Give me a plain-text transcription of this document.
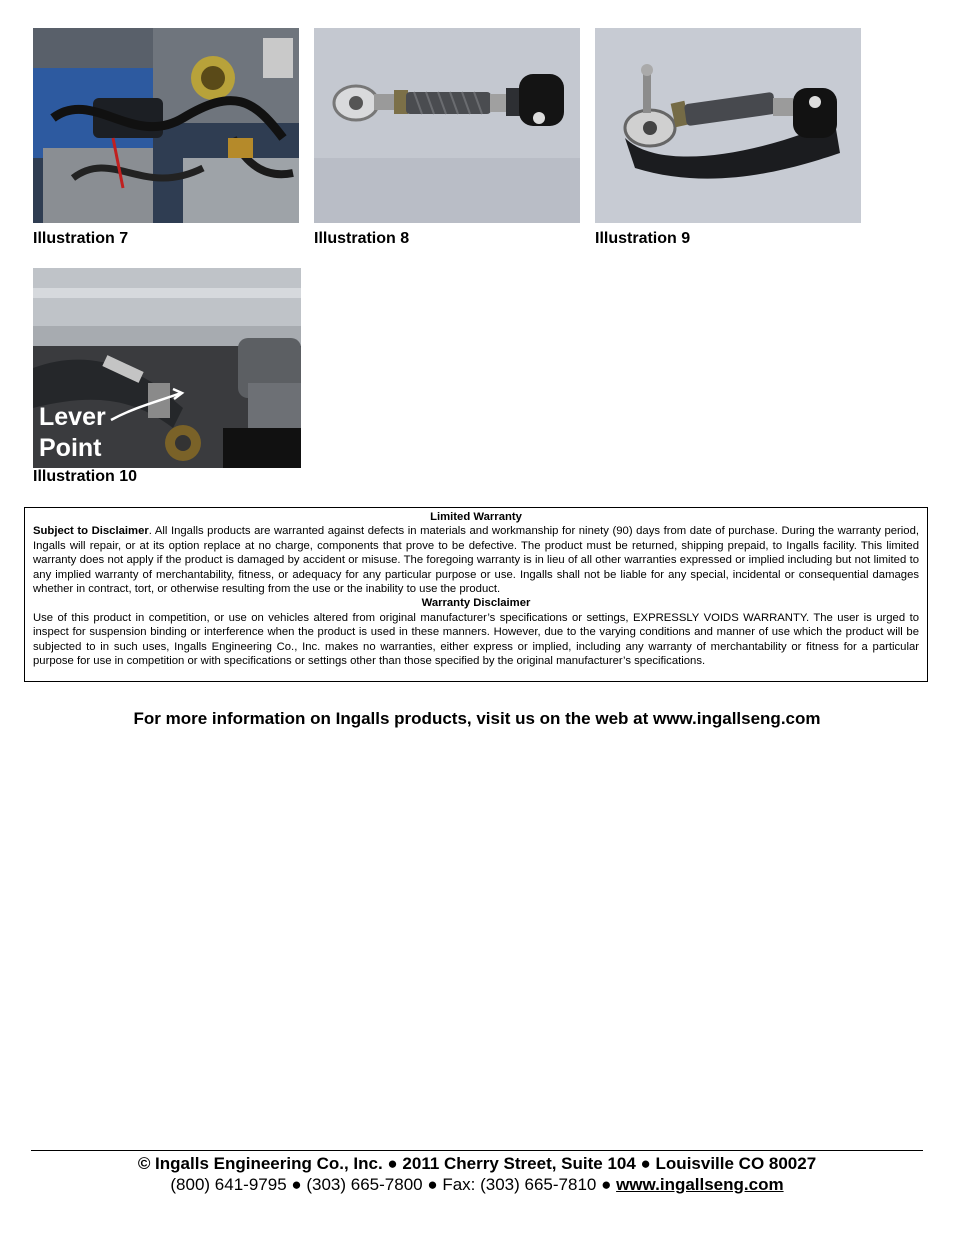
Illustration 7	Illustration 8	Illustration 9
Lever
Point
Illustration 10
Limited Warranty
Subject to Disclaimer. All Ingalls products are warranted against defects in materials and workmanship for ninety (90) days from date of purchase. During the warranty period, Ingalls will repair, or at its option replace at no charge, components that prove to be defective. The product must be returned, shipping prepaid, to Ingalls facility. This limited warranty does not apply if the product is damaged by accident or misuse. The foregoing warranty is in lieu of all other warranties expressed or implied including but not limited to any implied warranty of merchantability, fitness, or adequacy for any particular purpose or use. Ingalls shall not be liable for any special, incidental or consequential damages whether in contract, tort, or otherwise resulting from the use or the inability to use the product.
Warranty Disclaimer
Use of this product in competition, or use on vehicles altered from original manufacturer’s specifications or settings, EXPRESSLY VOIDS WARRANTY. The user is urged to inspect for suspension binding or interference when the product is used in these manners. However, due to the varying conditions and manner of use which the product will be subjected to in such uses, Ingalls Engineering Co., Inc. makes no warranties, either express or implied, including any warranty of merchantability or fitness for a particular purpose for use in competition or with specifications or settings other than those specified by the original manufacturer’s specifications.
For more information on Ingalls products, visit us on the web at www.ingallseng.com
© Ingalls Engineering Co., Inc. ● 2011 Cherry Street, Suite 104 ● Louisville CO 80027
(800) 641-9795 ● (303) 665-7800 ● Fax: (303) 665-7810 ● www.ingallseng.com
